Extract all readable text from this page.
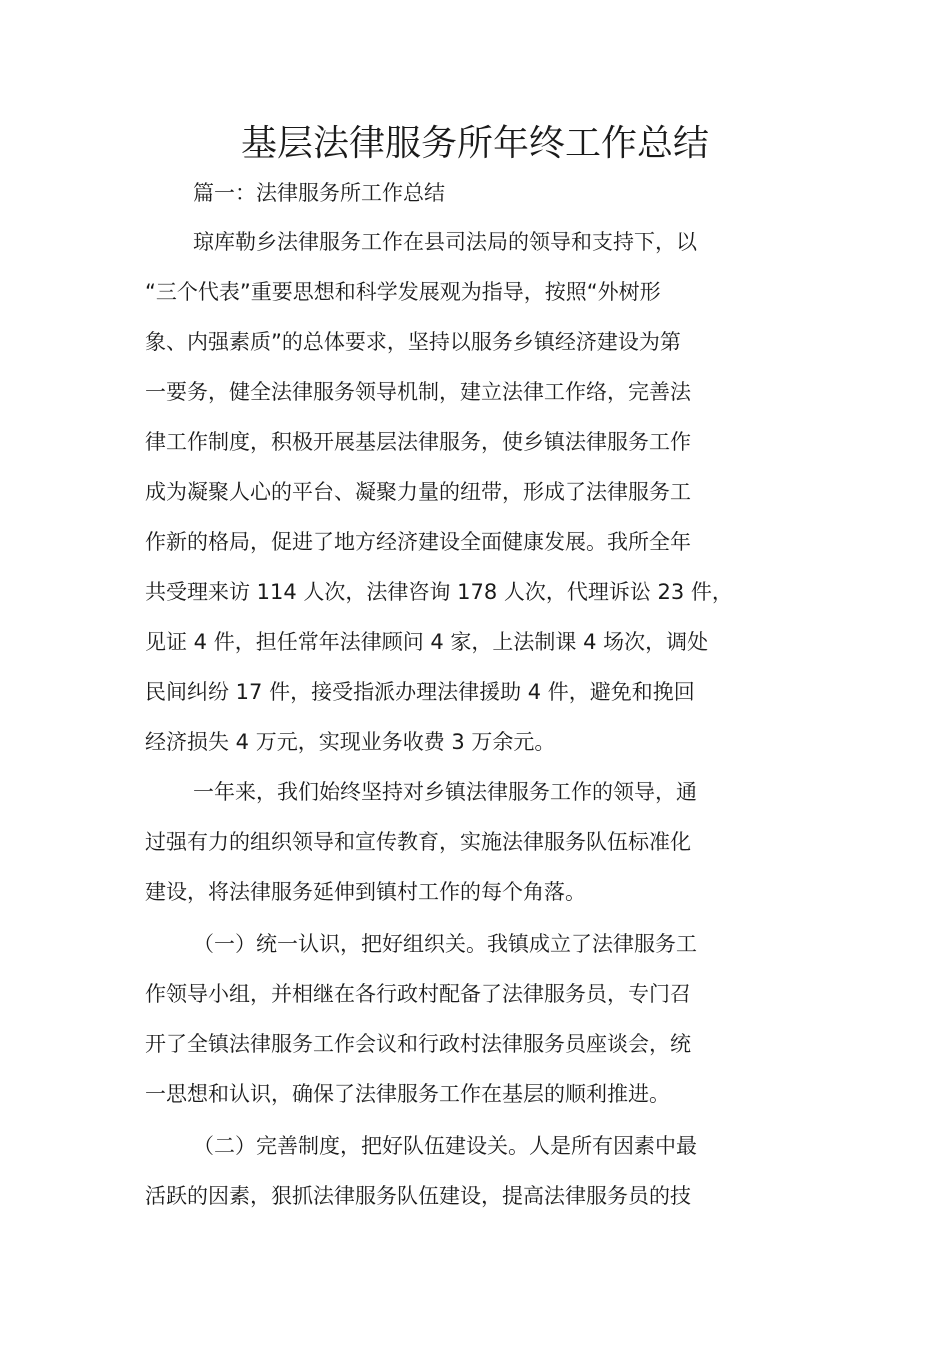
基层法律服务所年终工作总结
篇一：法律服务所工作总结
琼库勒乡法律服务工作在县司法局的领导和支持下，以
“三个代表”重要思想和科学发展观为指导，按照“外树形
象、内强素质”的总体要求，坚持以服务乡镇经济建设为第
一要务，健全法律服务领导机制，建立法律工作络，完善法
律工作制度，积极开展基层法律服务，使乡镇法律服务工作
成为凝聚人心的平台、凝聚力量的纽带，形成了法律服务工
作新的格局，促进了地方经济建设全面健康发展。我所全年
共受理来访 114 人次，法律咨询 178 人次，代理诉讼 23 件，
见证 4 件，担任常年法律顾问 4 家，上法制课 4 场次，调处
民间纠纷 17 件，接受指派办理法律援助 4 件，避免和挽回
经济损失 4 万元，实现业务收费 3 万余元。
一年来，我们始终坚持对乡镇法律服务工作的领导，通
过强有力的组织领导和宣传教育，实施法律服务队伍标准化
建设，将法律服务延伸到镇村工作的每个角落。
（一）统一认识，把好组织关。我镇成立了法律服务工
作领导小组，并相继在各行政村配备了法律服务员，专门召
开了全镇法律服务工作会议和行政村法律服务员座谈会，统
一思想和认识，确保了法律服务工作在基层的顺利推进。
（二）完善制度，把好队伍建设关。人是所有因素中最
活跃的因素，狠抓法律服务队伍建设，提高法律服务员的技
